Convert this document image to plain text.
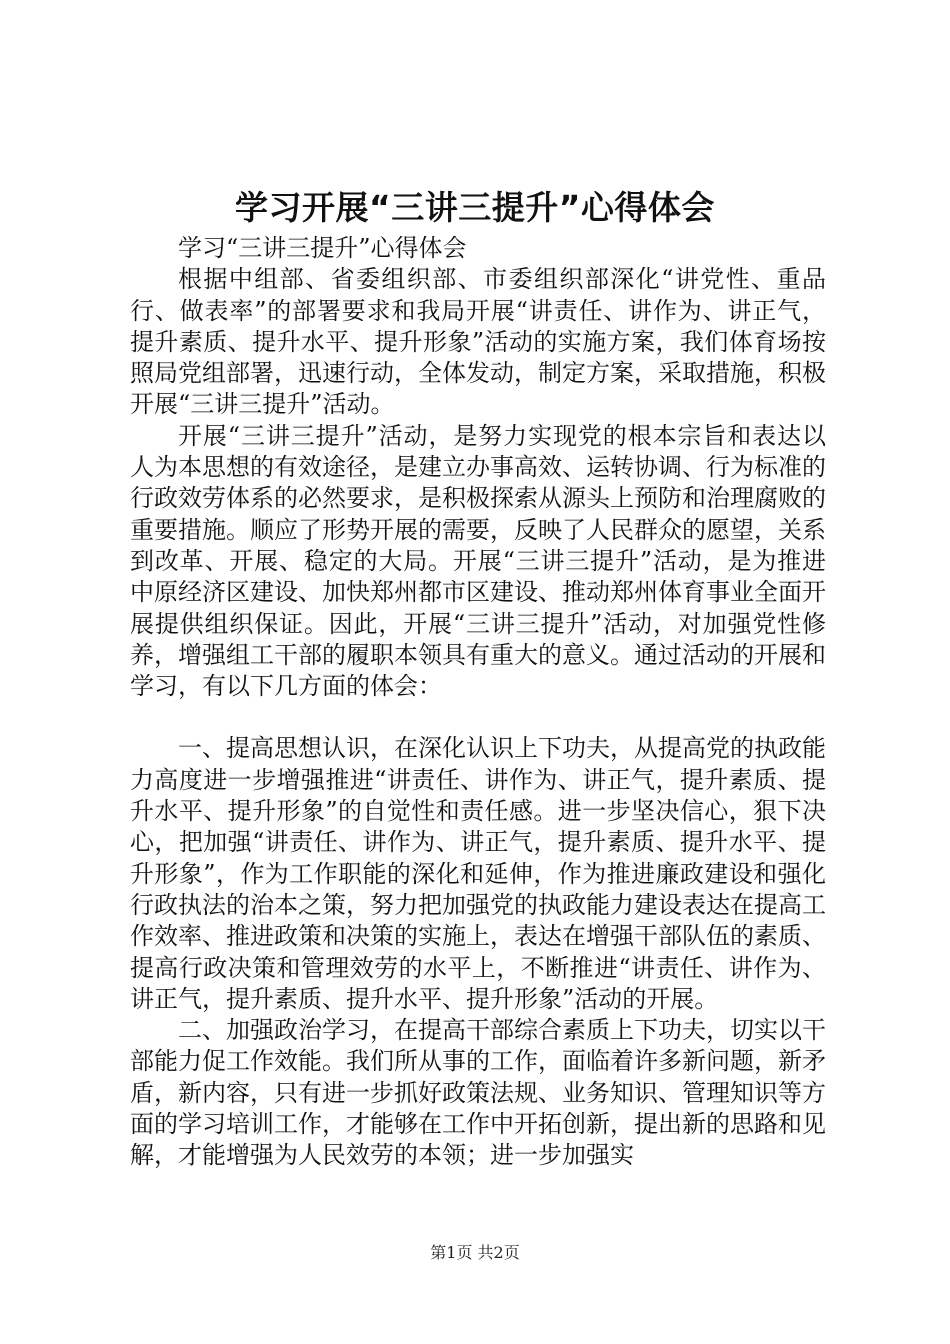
学习开展“三讲三提升”心得体会

学习“三讲三提升”心得体会

根据中组部、省委组织部、市委组织部深化“讲党性、重品行、做表率”的部署要求和我局开展“讲责任、讲作为、讲正气，提升素质、提升水平、提升形象”活动的实施方案，我们体育场按照局党组部署，迅速行动，全体发动，制定方案，采取措施，积极开展“三讲三提升”活动。

开展“三讲三提升”活动，是努力实现党的根本宗旨和表达以人为本思想的有效途径，是建立办事高效、运转协调、行为标准的行政效劳体系的必然要求，是积极探索从源头上预防和治理腐败的重要措施。顺应了形势开展的需要，反映了人民群众的愿望，关系到改革、开展、稳定的大局。开展“三讲三提升”活动，是为推进中原经济区建设、加快郑州都市区建设、推动郑州体育事业全面开展提供组织保证。因此，开展“三讲三提升”活动，对加强党性修养，增强组工干部的履职本领具有重大的意义。通过活动的开展和学习，有以下几方面的体会：

一、提高思想认识，在深化认识上下功夫，从提高党的执政能力高度进一步增强推进“讲责任、讲作为、讲正气，提升素质、提升水平、提升形象”的自觉性和责任感。进一步坚决信心，狠下决心，把加强“讲责任、讲作为、讲正气，提升素质、提升水平、提升形象”，作为工作职能的深化和延伸，作为推进廉政建设和强化行政执法的治本之策，努力把加强党的执政能力建设表达在提高工作效率、推进政策和决策的实施上，表达在增强干部队伍的素质、提高行政决策和管理效劳的水平上，不断推进“讲责任、讲作为、讲正气，提升素质、提升水平、提升形象”活动的开展。

二、加强政治学习，在提高干部综合素质上下功夫，切实以干部能力促工作效能。我们所从事的工作，面临着许多新问题，新矛盾，新内容，只有进一步抓好政策法规、业务知识、管理知识等方面的学习培训工作，才能够在工作中开拓创新，提出新的思路和见解，才能增强为人民效劳的本领；进一步加强实

第1页 共2页
